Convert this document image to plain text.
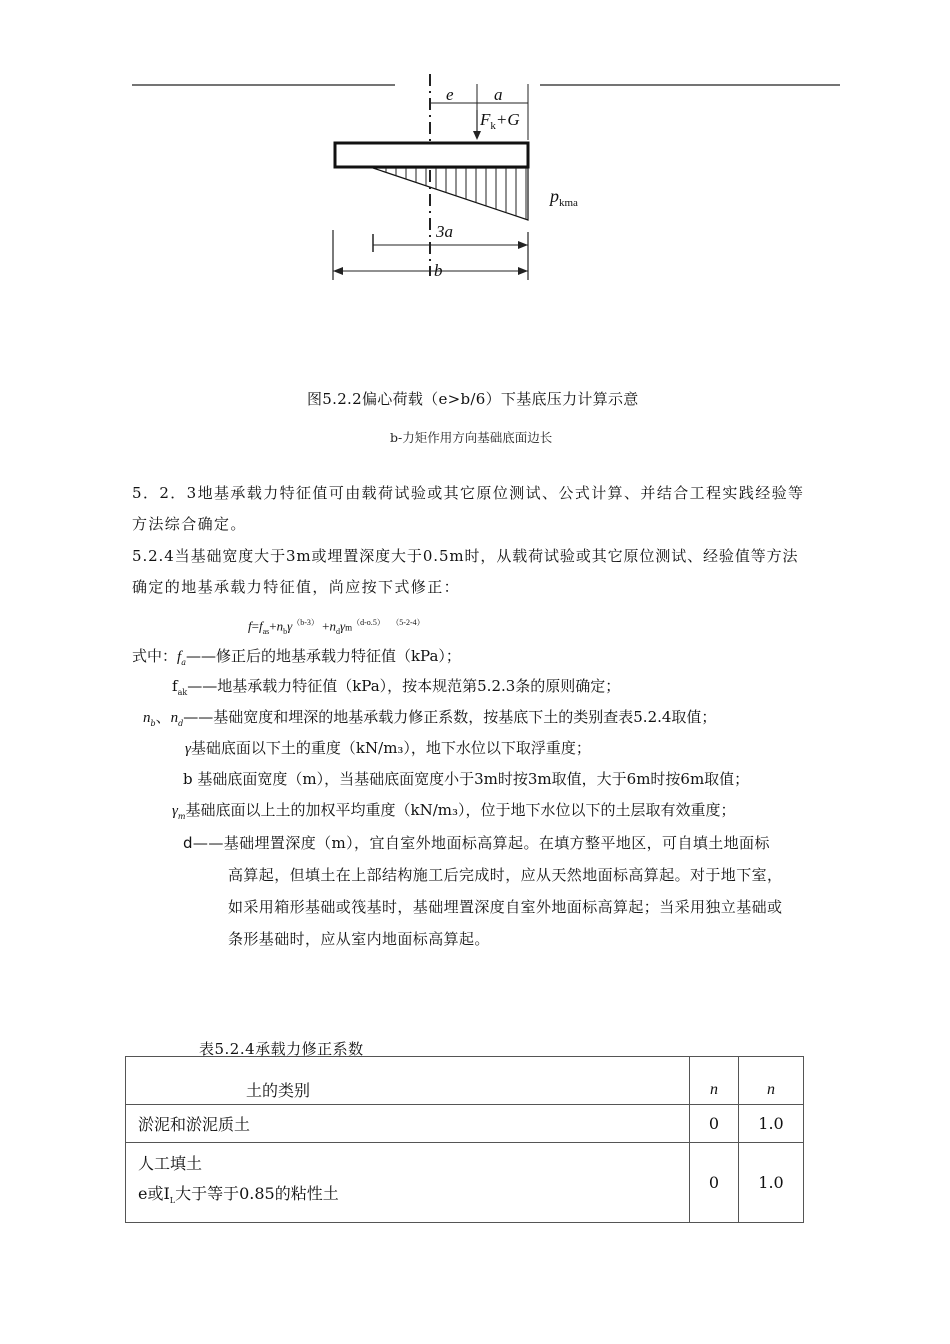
e a
$F_k+G$
$p_{kma}$
3a
b
图5.2.2偏心荷载（e>b/6）下基底压力计算示意
b-力矩作用方向基础底面边长
5．2．3地基承载力特征值可由载荷试验或其它原位测试、公式计算、并结合工程实践经验等
方法综合确定。
5.2.4当基础宽度大于3m或埋置深度大于0.5m时，从载荷试验或其它原位测试、经验值等方法
确定的地基承载力特征值，尚应按下式修正：
$f=f_{as}+n_b\gamma^{(b-3)} +n_d\gamma m^{(d-o.5)}$ $^{(5-2-4)}$
式中：$f_a——$修正后的地基承载力特征值（kPa）；
$f_{ak}——$地基承载力特征值（kPa），按本规范第5.2.3条的原则确定；
$n_b$、$n_d——$基础宽度和埋深的地基承载力修正系数，按基底下土的类别查表5.2.4取值；
γ基础底面以下土的重度（kN/m₃），地下水位以下取浮重度；
b 基础底面宽度（m），当基础底面宽度小于3m时按3m取值，大于6m时按6m取值；
$\gamma_m$基础底面以上土的加权平均重度（kN/m₃），位于地下水位以下的土层取有效重度；
d——基础埋置深度（m），宜自室外地面标高算起。在填方整平地区，可自填土地面标
高算起，但填土在上部结构施工后完成时，应从天然地面标高算起。对于地下室，
如采用箱形基础或筏基时，基础埋置深度自室外地面标高算起；当采用独立基础或
条形基础时，应从室内地面标高算起。
表5.2.4承载力修正系数
土的类别	n	n
淤泥和淤泥质土	0	1.0

人工填土
e或$I_L$大于等于0.85的粘性土	0	1.0
